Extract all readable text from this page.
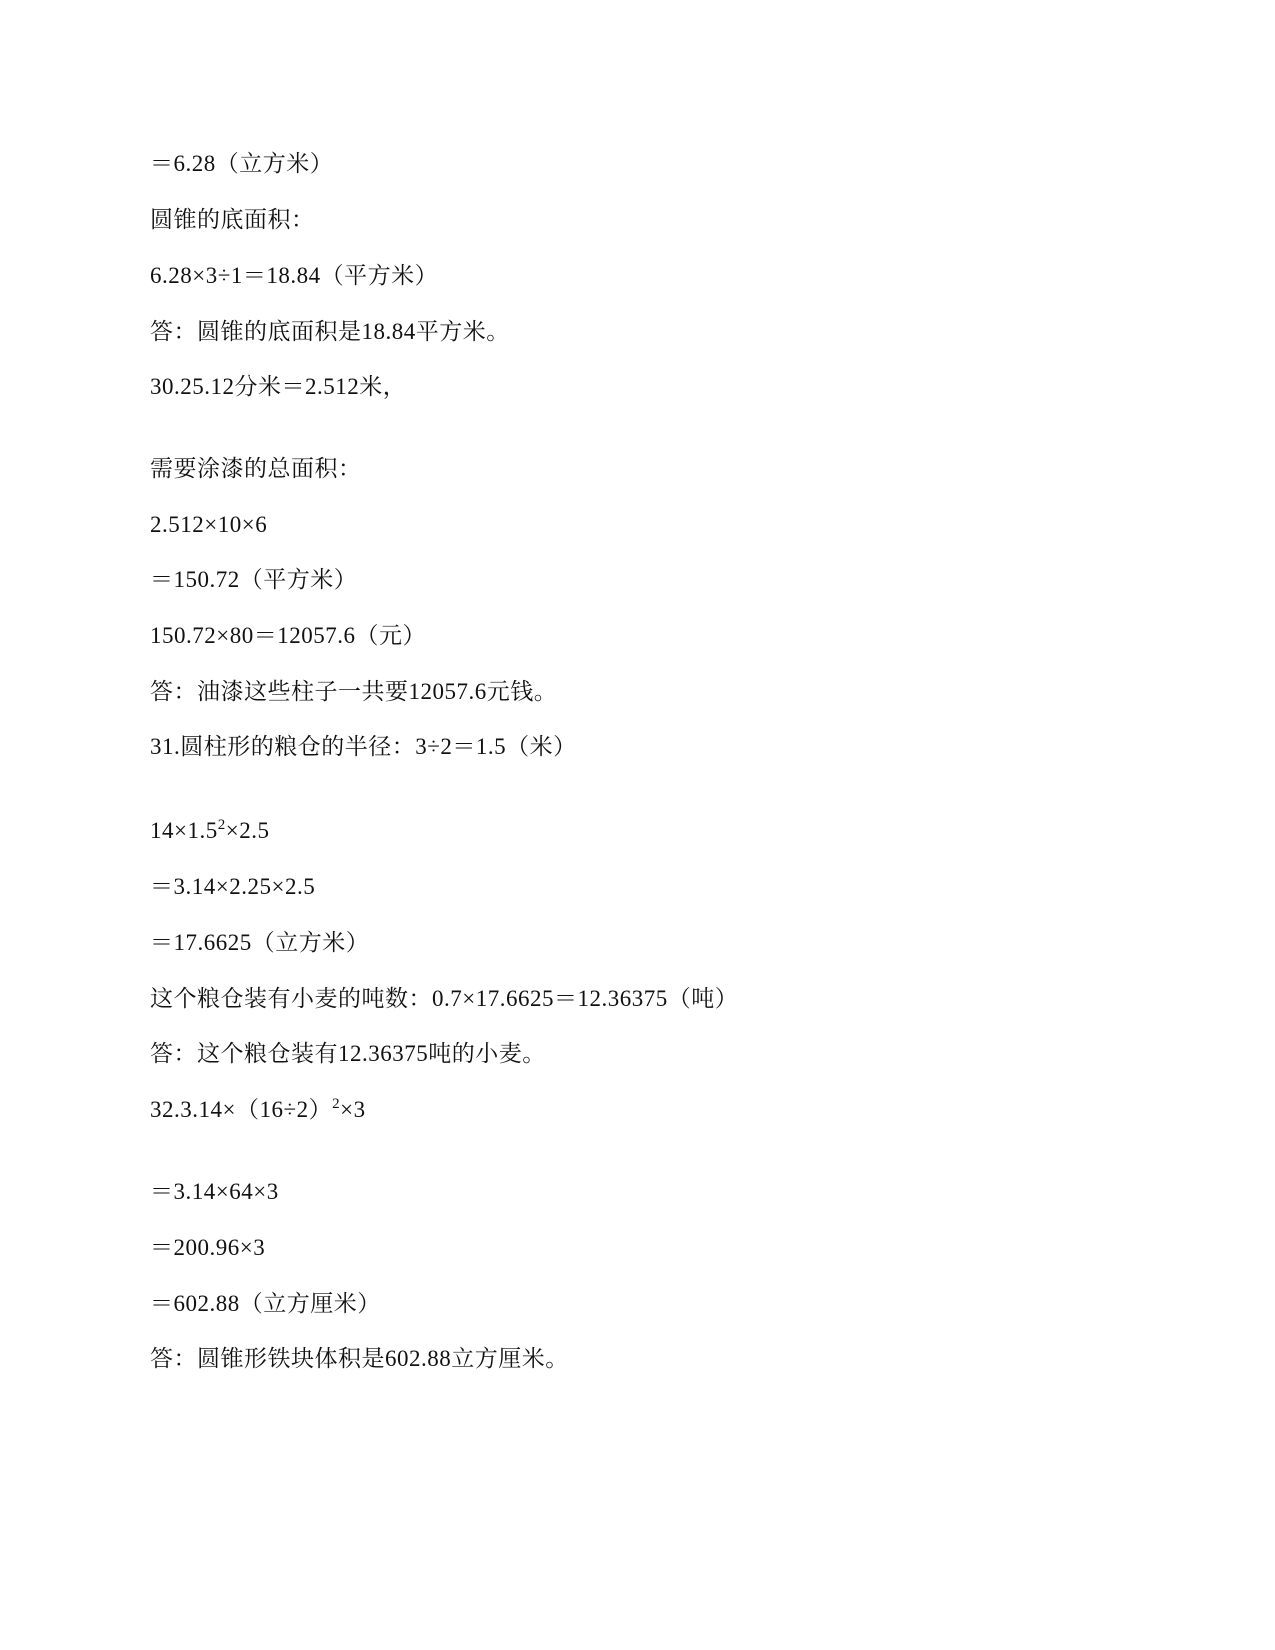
＝6.28（立方米）
圆锥的底面积：
6.28×3÷1＝18.84（平方米）
答：圆锥的底面积是18.84平方米。
30.25.12分米＝2.512米，
需要涂漆的总面积：
2.512×10×6
＝150.72（平方米）
150.72×80＝12057.6（元）
答：油漆这些柱子一共要12057.6元钱。
31.圆柱形的粮仓的半径：3÷2＝1.5（米）
$14\times 1.5^2\times 2.5$
＝3.14×2.25×2.5
＝17.6625（立方米）
这个粮仓装有小麦的吨数：0.7×17.6625＝12.36375（吨）
答：这个粮仓装有12.36375吨的小麦。
$32.3.14\times(16\div 2)^2\times 3$
＝3.14×64×3
＝200.96×3
＝602.88（立方厘米）
答：圆锥形铁块体积是602.88立方厘米。
